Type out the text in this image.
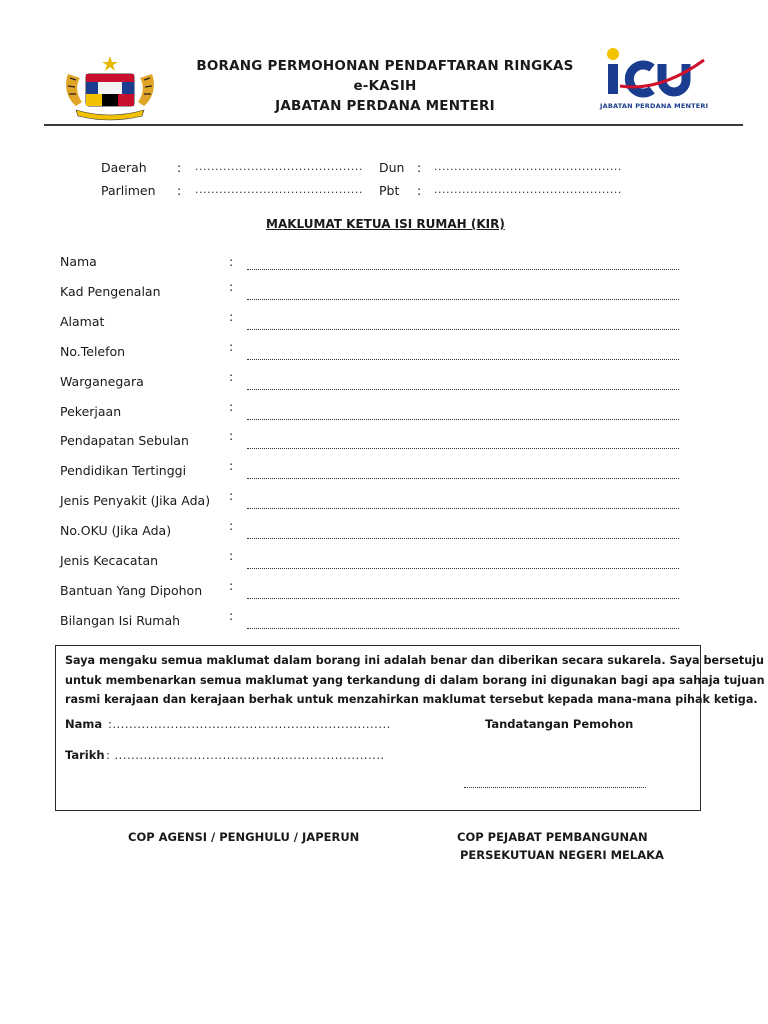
BORANG PERMOHONAN PENDAFTARAN RINGKAS
e-KASIH
JABATAN PERDANA MENTERI	JABATAN PERDANA MENTERI
Daerah : .......................................... Dun : ...............................................
Parlimen : .......................................... Pbt : ...............................................
MAKLUMAT KETUA ISI RUMAH (KIR)
Nama	:
Kad Pengenalan	:
Alamat	:
No.Telefon	:
Warganegara	:
Pekerjaan	:
Pendapatan Sebulan	:
Pendidikan Tertinggi	:
Jenis Penyakit (Jika Ada) :
No.OKU (Jika Ada)	:
Jenis Kecacatan	:
Bantuan Yang Dipohon :
Bilangan Isi Rumah	:
Saya mengaku semua maklumat dalam borang ini adalah benar dan diberikan secara sukarela. Saya bersetuju
untuk membenarkan semua maklumat yang terkandung di dalam borang ini digunakan bagi apa sahaja tujuan
rasmi kerajaan dan kerajaan berhak untuk menzahirkan maklumat tersebut kepada mana-mana pihak ketiga.
Nama :...................................................................	Tandatangan Pemohon
Tarikh : .................................................................
COP AGENSI / PENGHULU / JAPERUN	COP PEJABAT PEMBANGUNAN
PERSEKUTUAN NEGERI MELAKA
